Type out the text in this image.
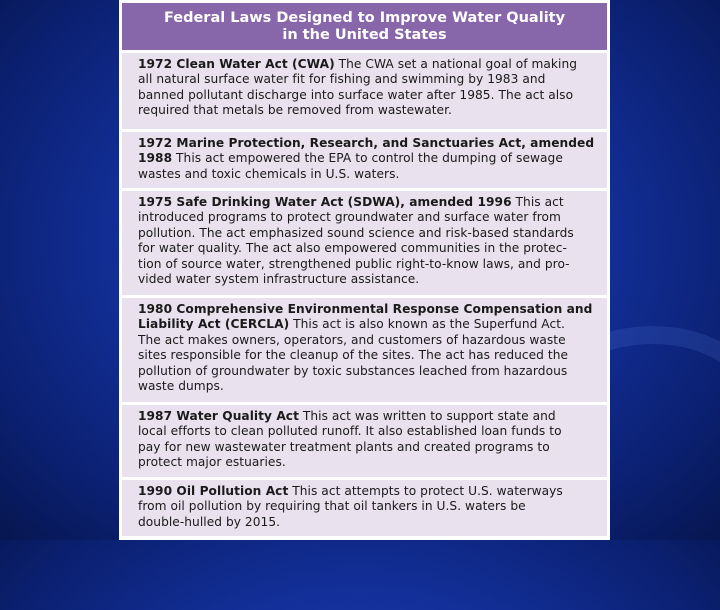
Federal Laws Designed to Improve Water Quality
in the United States
1972 Clean Water Act (CWA) The CWA set a national goal of making
all natural surface water fit for fishing and swimming by 1983 and
banned pollutant discharge into surface water after 1985. The act also
required that metals be removed from wastewater.
1972 Marine Protection, Research, and Sanctuaries Act, amended
1988 This act empowered the EPA to control the dumping of sewage
wastes and toxic chemicals in U.S. waters.
1975 Safe Drinking Water Act (SDWA), amended 1996 This act
introduced programs to protect groundwater and surface water from
pollution. The act emphasized sound science and risk-based standards
for water quality. The act also empowered communities in the protec-
tion of source water, strengthened public right-to-know laws, and pro-
vided water system infrastructure assistance.
1980 Comprehensive Environmental Response Compensation and
Liability Act (CERCLA) This act is also known as the Superfund Act.
The act makes owners, operators, and customers of hazardous waste
sites responsible for the cleanup of the sites. The act has reduced the
pollution of groundwater by toxic substances leached from hazardous
waste dumps.
1987 Water Quality Act This act was written to support state and
local efforts to clean polluted runoff. It also established loan funds to
pay for new wastewater treatment plants and created programs to
protect major estuaries.
1990 Oil Pollution Act This act attempts to protect U.S. waterways
from oil pollution by requiring that oil tankers in U.S. waters be
double-hulled by 2015.
